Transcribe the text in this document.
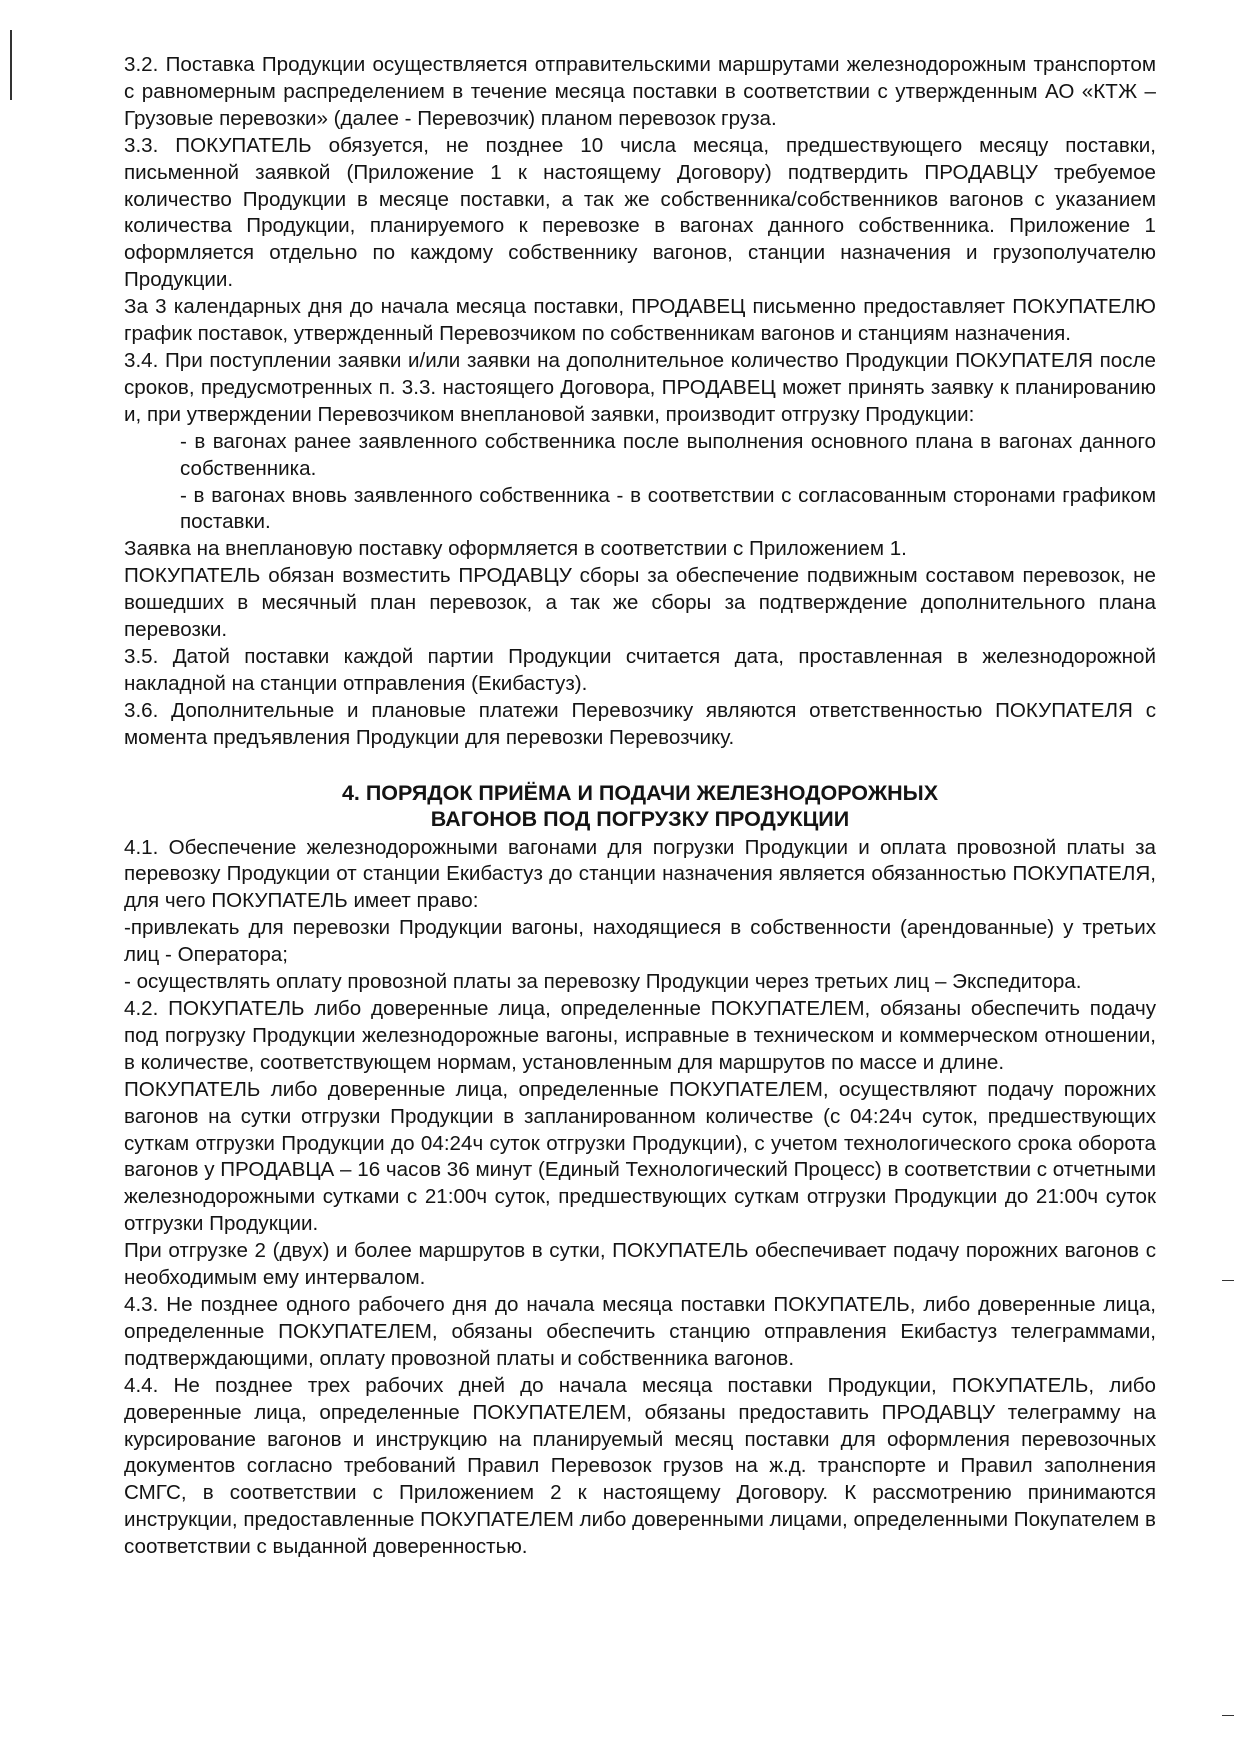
3.2. Поставка Продукции осуществляется отправительскими маршрутами железнодорожным транспортом с равномерным распределением в течение месяца поставки в соответствии с утвержденным АО «КТЖ – Грузовые перевозки» (далее - Перевозчик) планом перевозок груза.

3.3. ПОКУПАТЕЛЬ обязуется, не позднее 10 числа месяца, предшествующего месяцу поставки, письменной заявкой (Приложение 1 к настоящему Договору) подтвердить ПРОДАВЦУ требуемое количество Продукции в месяце поставки, а так же собственника/собственников вагонов с указанием количества Продукции, планируемого к перевозке в вагонах данного собственника. Приложение 1 оформляется отдельно по каждому собственнику вагонов, станции назначения и грузополучателю Продукции.

За 3 календарных дня до начала месяца поставки, ПРОДАВЕЦ письменно предоставляет ПОКУПАТЕЛЮ график поставок, утвержденный Перевозчиком по собственникам вагонов и станциям назначения.

3.4. При поступлении заявки и/или заявки на дополнительное количество Продукции ПОКУПАТЕЛЯ после сроков, предусмотренных п. 3.3. настоящего Договора, ПРОДАВЕЦ может принять заявку к планированию и, при утверждении Перевозчиком внеплановой заявки, производит отгрузку Продукции:

- в вагонах ранее заявленного собственника после выполнения основного плана в вагонах данного собственника.

- в вагонах вновь заявленного собственника - в соответствии с согласованным сторонами графиком поставки.

Заявка на внеплановую поставку оформляется в соответствии с Приложением 1.

ПОКУПАТЕЛЬ обязан возместить ПРОДАВЦУ сборы за обеспечение подвижным составом перевозок, не вошедших в месячный план перевозок, а так же сборы за подтверждение дополнительного плана перевозки.

3.5. Датой поставки каждой партии Продукции считается дата, проставленная в железнодорожной накладной на станции отправления (Екибастуз).

3.6. Дополнительные и плановые платежи Перевозчику являются ответственностью ПОКУПАТЕЛЯ с момента предъявления Продукции для перевозки Перевозчику.

4. ПОРЯДОК ПРИЁМА И ПОДАЧИ ЖЕЛЕЗНОДОРОЖНЫХ
ВАГОНОВ ПОД ПОГРУЗКУ ПРОДУКЦИИ

4.1. Обеспечение железнодорожными вагонами для погрузки Продукции и оплата провозной платы за перевозку Продукции от станции Екибастуз до станции назначения является обязанностью ПОКУПАТЕЛЯ, для чего ПОКУПАТЕЛЬ имеет право:

-привлекать для перевозки Продукции вагоны, находящиеся в собственности (арендованные) у третьих лиц - Оператора;

- осуществлять оплату провозной платы за перевозку Продукции через третьих лиц – Экспедитора.

4.2. ПОКУПАТЕЛЬ либо доверенные лица, определенные ПОКУПАТЕЛЕМ, обязаны обеспечить подачу под погрузку Продукции железнодорожные вагоны, исправные в техническом и коммерческом отношении, в количестве, соответствующем нормам, установленным для маршрутов по массе и длине.

ПОКУПАТЕЛЬ либо доверенные лица, определенные ПОКУПАТЕЛЕМ, осуществляют подачу порожних вагонов на сутки отгрузки Продукции в запланированном количестве (с 04:24ч суток, предшествующих суткам отгрузки Продукции до 04:24ч суток отгрузки Продукции), с учетом технологического срока оборота вагонов у ПРОДАВЦА – 16 часов 36 минут (Единый Технологический Процесс) в соответствии с отчетными железнодорожными сутками с 21:00ч суток, предшествующих суткам отгрузки Продукции до 21:00ч суток отгрузки Продукции.

При отгрузке 2 (двух) и более маршрутов в сутки, ПОКУПАТЕЛЬ обеспечивает подачу порожних вагонов с необходимым ему интервалом.

4.3. Не позднее одного рабочего дня до начала месяца поставки ПОКУПАТЕЛЬ, либо доверенные лица, определенные ПОКУПАТЕЛЕМ, обязаны обеспечить станцию отправления Екибастуз телеграммами, подтверждающими, оплату провозной платы и собственника вагонов.

4.4. Не позднее трех рабочих дней до начала месяца поставки Продукции, ПОКУПАТЕЛЬ, либо доверенные лица, определенные ПОКУПАТЕЛЕМ, обязаны предоставить ПРОДАВЦУ телеграмму на курсирование вагонов и инструкцию на планируемый месяц поставки для оформления перевозочных документов согласно требований Правил Перевозок грузов на ж.д. транспорте и Правил заполнения СМГС, в соответствии с Приложением 2 к настоящему Договору. К рассмотрению принимаются инструкции, предоставленные ПОКУПАТЕЛЕМ либо доверенными лицами, определенными Покупателем в соответствии с выданной доверенностью.
